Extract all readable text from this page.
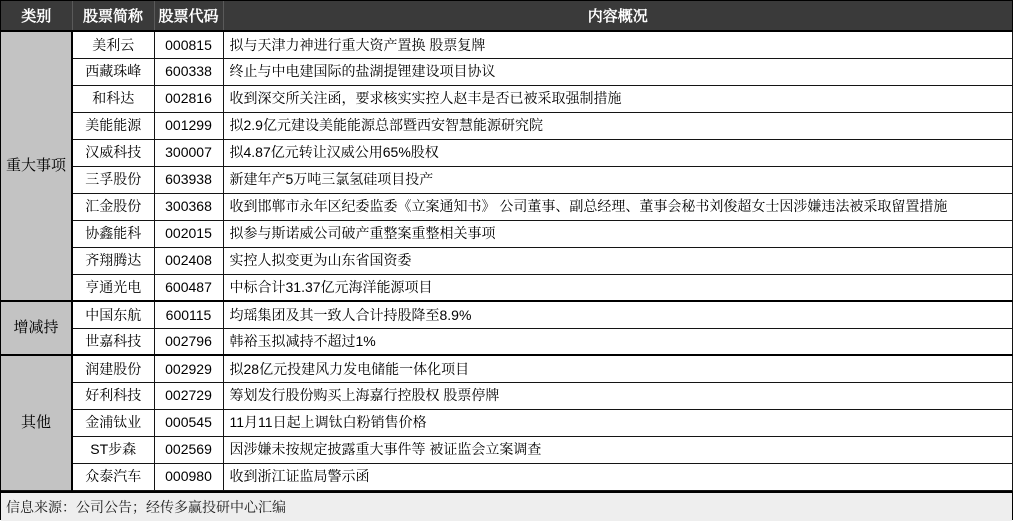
类别	股票简称	股票代码	内容概况
重大事项	美利云	000815	拟与天津力神进行重大资产置换 股票复牌
	西藏珠峰	600338	终止与中电建国际的盐湖提锂建设项目协议
	和科达	002816	收到深交所关注函，要求核实实控人赵丰是否已被采取强制措施
	美能能源	001299	拟2.9亿元建设美能能源总部暨西安智慧能源研究院
	汉威科技	300007	拟4.87亿元转让汉威公用65%股权
	三孚股份	603938	新建年产5万吨三氯氢硅项目投产
	汇金股份	300368	收到邯郸市永年区纪委监委《立案通知书》 公司董事、副总经理、董事会秘书刘俊超女士因涉嫌违法被采取留置措施
	协鑫能科	002015	拟参与斯诺威公司破产重整案重整相关事项
	齐翔腾达	002408	实控人拟变更为山东省国资委
	亨通光电	600487	中标合计31.37亿元海洋能源项目
增减持	中国东航	600115	均瑶集团及其一致人合计持股降至8.9%
	世嘉科技	002796	韩裕玉拟减持不超过1%
其他	润建股份	002929	拟28亿元投建风力发电储能一体化项目
	好利科技	002729	筹划发行股份购买上海嘉行控股权 股票停牌
	金浦钛业	000545	11月11日起上调钛白粉销售价格
	ST步森	002569	因涉嫌未按规定披露重大事件等 被证监会立案调查
	众泰汽车	000980	收到浙江证监局警示函
信息来源：公司公告；经传多赢投研中心汇编
